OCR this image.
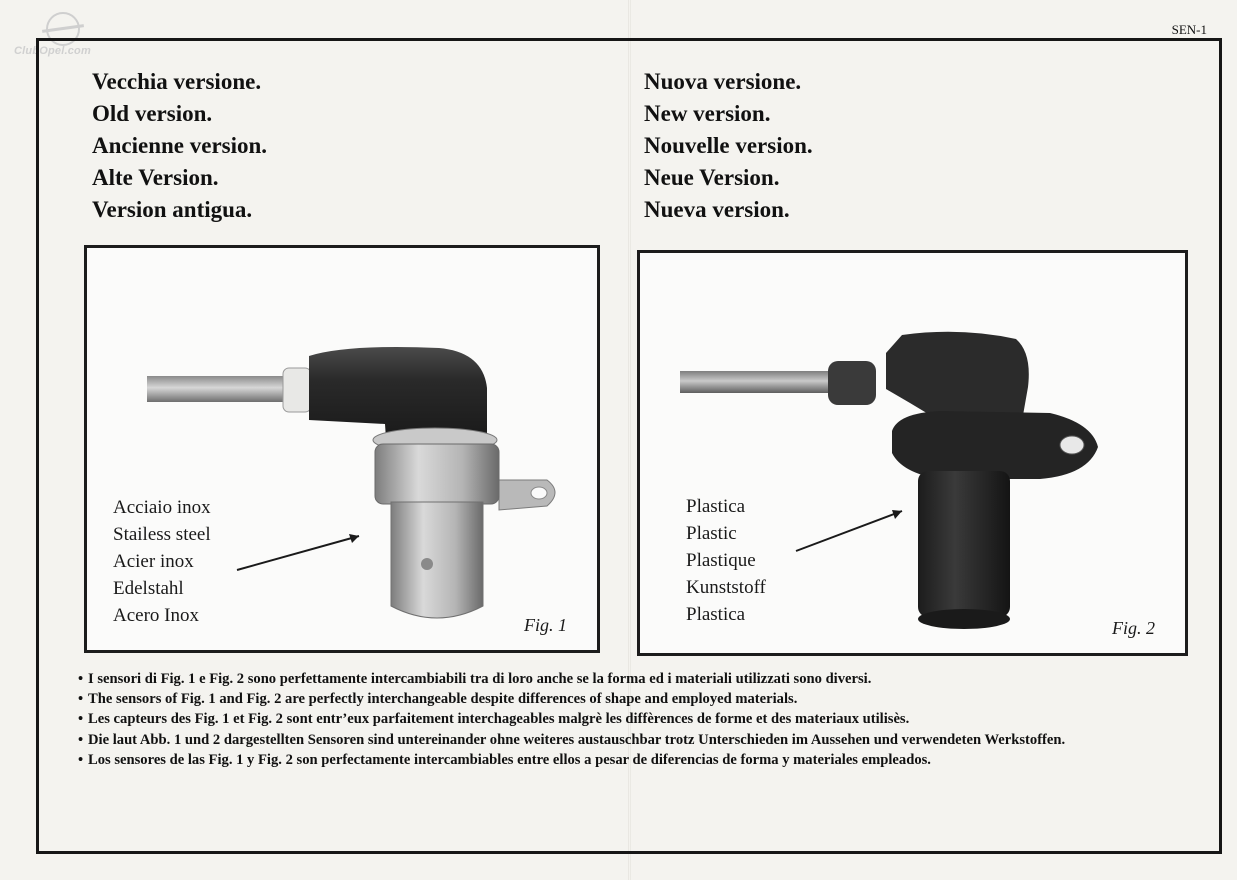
ClubOpel.com
SEN-1
Vecchia versione.
Old version.
Ancienne version.
Alte Version.
Version antigua.
Nuova versione.
New version.
Nouvelle version.
Neue Version.
Nueva version.
Acciaio inox
Stailess steel
Acier inox
Edelstahl
Acero Inox	Fig. 1
Plastica
Plastic
Plastique
Kunststoff
Plastica
Fig. 2
• I sensori di Fig. 1 e Fig. 2 sono perfettamente intercambiabili tra di loro anche se la forma ed i materiali utilizzati sono diversi.
• The sensors of Fig. 1 and Fig. 2 are perfectly interchangeable despite differences of shape and employed materials.
• Les capteurs des Fig. 1 et Fig. 2 sont entr’eux parfaitement interchageables malgrè les diffèrences de forme et des materiaux utilisès.
• Die laut Abb. 1 und 2 dargestellten Sensoren sind untereinander ohne weiteres austauschbar trotz Unterschieden im Aussehen und verwendeten Werkstoffen.
• Los sensores de las Fig. 1 y Fig. 2 son perfectamente intercambiables entre ellos a pesar de diferencias de forma y materiales empleados.
